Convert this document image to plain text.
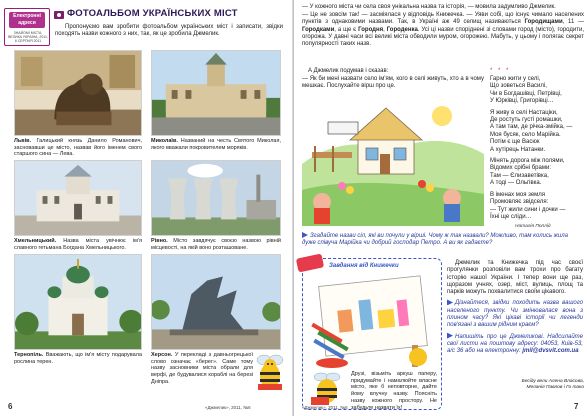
Електронні
адреси
ЗНАЙОМІ МІСТА, ВЕЛИКА УКРАЇНА, 2011, 6 СЕРПНЯ 2011
ФОТОАЛЬБОМ УКРАЇНСЬКИХ МІСТ
Пропонуємо вам зробити фотоальбом українських міст і записати, звідки походять назви кожного з них, так, як це зробила Джмелик.
Львів. Галицький князь Данило Романович, засновавши це місто, назвав його іменем свого старшого сина — Лева.
Миколаїв. Названий на честь Святого Миколая, якого вважали покровителем моряків.
Хмельницький. Назва міста увічнює ім'я славного гетьмана Богдана Хмельницького.
Рівно. Місто завдячує своєю назвою рівній місцевості, на якій воно розташоване.
Тернопіль. Вважають, що ім'я місту подарувала рослина терен.
Херсон. У перекладі з давньогрецької слово означає «берег». Саме тому назву засновники міста обрали для верфі, де будувалися кораблі на березі Дніпра.
6	«Джмелик», 2011, №6
— У кожного міста чи села своя унікальна назва та історія, — мовила задумливо Джмелик.
— Це не зовсім так! — засміялася у відповідь Книжечка. — Уяви собі, що існує чимало населених пунктів з однаковими назвами. Так, в Україні аж 49 селищ називаються Городищами, 11 — Городками, а ще є Городня, Городенка. Усі ці назви споріднені зі словами город (місто), городити, огорожа. У давні часи всі великі міста обводили муром, огорожею. Мабуть, у цьому і полягає секрет популярності таких назв.
А Джмелик подумав і сказав:
— Як би мені назвати село ім'ям, кого в селі живуть, хто а в чому мешкає. Послухайте вірш про це.
* * *
Гарно жити у селі,
Що зоветься Василі,
Чи в Богдашівці, Петрівці,
У Юрківці, Григорівці…
Я живу в селі Настаціки,
Де ростуть густі ромашки,
А там там, де річка-змійка, —
Моя бусяк, село Марійка.
Потім є ще Васюк
А хутірець Натанки.
Мінять дорога між полями,
Відомих срібні брами:
Там — Єлизаветівка,
А тоді — Ольгівка.
В іменах моя земля
Промовляє звідселя:
— Тут жили сини і дочки —
Їхні ще сліди…
Наталія Поплід
Згадайте назви сіл, які ви почули у вірші. Чому ж так назвали? Можливо, там колись жила дуже співуча Марійка чи добрий господар Петро. А ви як гадаєте?
Завдання від Книжечки
Друзі, візьміть аркуш паперу, придумайте і намалюйте власне місто, яке б неповторне, дайте йому влучну назву. Поясніть назву кожного простору. Не забудьте назвати їх!
Джмелик та Книжечка під час своєї прогулянки розповіли вам трохи про багату історію нашої України. І тепер вони ще раз, щоразом учнях, озер, міст, вулиць, площ та парків можуть похвалитися своїм цікавого.
Дізнайтеся, звідки походить назва вашого населеного пункту. Чи змінювалася вона з плином часу? Які цікаві історії чи легенди пов'язані з вашим рідним краєм?
Напишіть про це Джмеликові. Надсилайте свої листи на поштову адресу: 04053, Київ-53, а/с 36 або на електронну: jmil@dvsvit.com.ua
Бесіду вели Алена Власова,
Меланія Павлов і Го тако
«Джмелик», 2011, №6	7
